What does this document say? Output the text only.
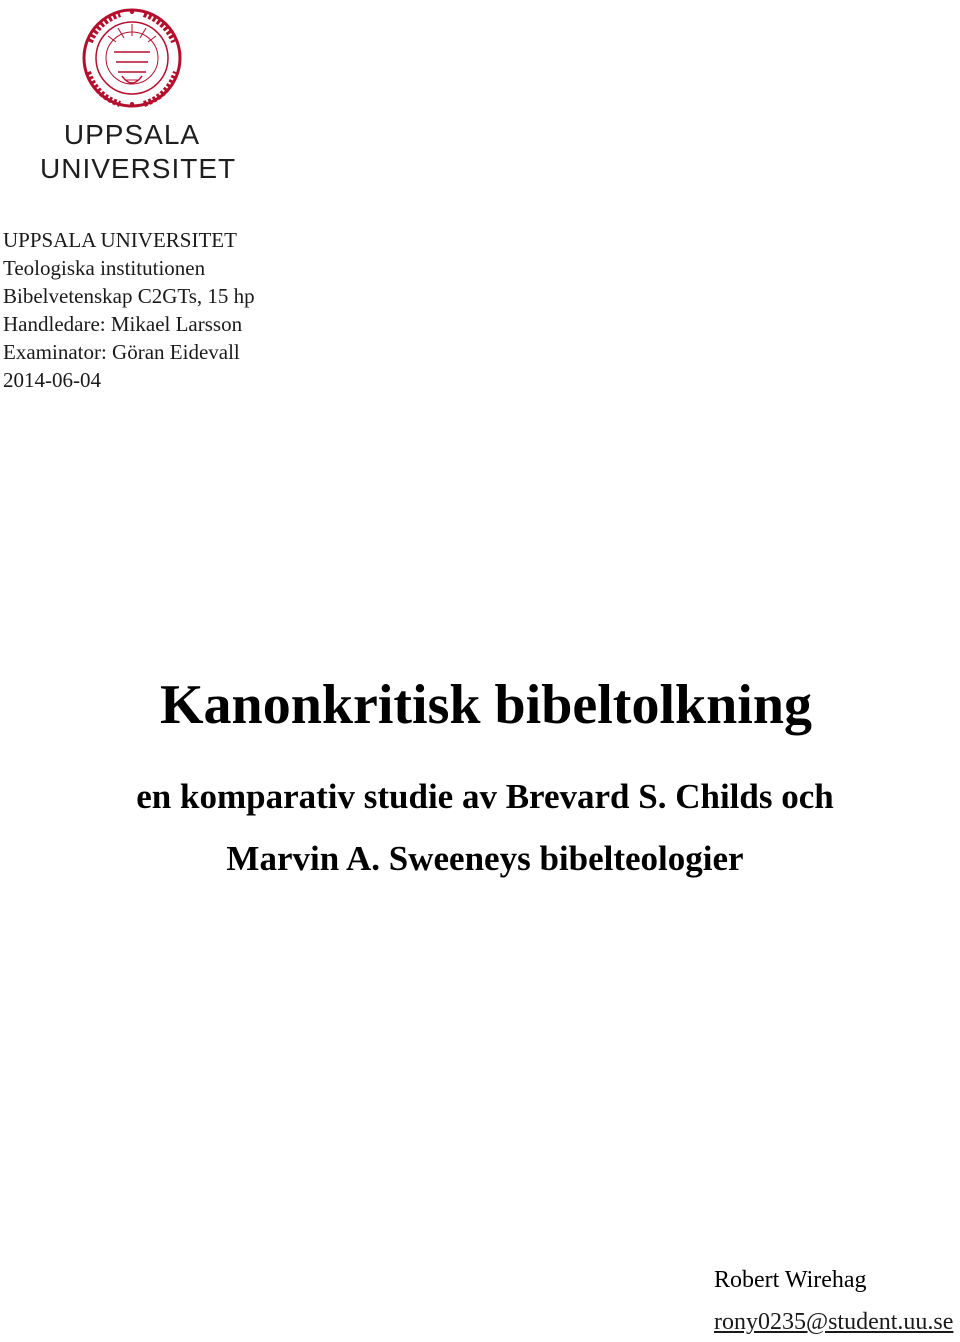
UPPSALA
UNIVERSITET
UPPSALA UNIVERSITET
Teologiska institutionen
Bibelvetenskap C2GTs, 15 hp
Handledare: Mikael Larsson
Examinator: Göran Eidevall
2014-06-04
Kanonkritisk bibeltolkning
en komparativ studie av Brevard S. Childs och
Marvin A. Sweeneys bibelteologier
Robert Wirehag
rony0235@student.uu.se
